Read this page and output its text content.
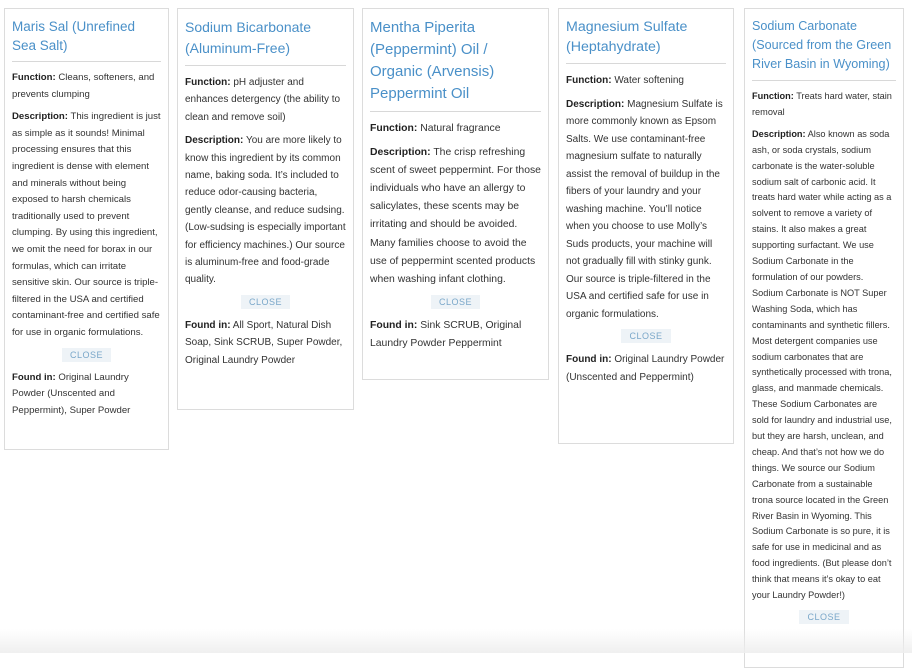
Maris Sal (Unrefined Sea Salt)

Function: Cleans, softeners, and prevents clumping

Description: This ingredient is just as simple as it sounds! Minimal processing ensures that this ingredient is dense with element and minerals without being exposed to harsh chemicals traditionally used to prevent clumping. By using this ingredient, we omit the need for borax in our formulas, which can irritate sensitive skin. Our source is triple-filtered in the USA and certified contaminant-free and certified safe for use in organic formulations.

CLOSE

Found in: Original Laundry Powder (Unscented and Peppermint), Super Powder

Sodium Bicarbonate (Aluminum-Free)

Function: pH adjuster and enhances detergency (the ability to clean and remove soil)

Description: You are more likely to know this ingredient by its common name, baking soda. It’s included to reduce odor-causing bacteria, gently cleanse, and reduce sudsing. (Low-sudsing is especially important for efficiency machines.) Our source is aluminum-free and food-grade quality.

CLOSE

Found in: All Sport, Natural Dish Soap, Sink SCRUB, Super Powder, Original Laundry Powder

Mentha Piperita (Peppermint) Oil / Organic (Arvensis) Peppermint Oil

Function: Natural fragrance

Description: The crisp refreshing scent of sweet peppermint. For those individuals who have an allergy to salicylates, these scents may be irritating and should be avoided. Many families choose to avoid the use of peppermint scented products when washing infant clothing.

CLOSE

Found in: Sink SCRUB, Original Laundry Powder Peppermint

Magnesium Sulfate (Heptahydrate)

Function: Water softening

Description: Magnesium Sulfate is more commonly known as Epsom Salts. We use contaminant-free magnesium sulfate to naturally assist the removal of buildup in the fibers of your laundry and your washing machine. You’ll notice when you choose to use Molly’s Suds products, your machine will not gradually fill with stinky gunk. Our source is triple-filtered in the USA and certified safe for use in organic formulations.

CLOSE

Found in: Original Laundry Powder (Unscented and Peppermint)

Sodium Carbonate (Sourced from the Green River Basin in Wyoming)

Function: Treats hard water, stain removal

Description: Also known as soda ash, or soda crystals, sodium carbonate is the water-soluble sodium salt of carbonic acid. It treats hard water while acting as a solvent to remove a variety of stains. It also makes a great supporting surfactant. We use Sodium Carbonate in the formulation of our powders. Sodium Carbonate is NOT Super Washing Soda, which has contaminants and synthetic fillers. Most detergent companies use sodium carbonates that are synthetically processed with trona, glass, and manmade chemicals. These Sodium Carbonates are sold for laundry and industrial use, but they are harsh, unclean, and cheap. And that’s not how we do things. We source our Sodium Carbonate from a sustainable trona source located in the Green River Basin in Wyoming. This Sodium Carbonate is so pure, it is safe for use in medicinal and as food ingredients. (But please don’t think that means it’s okay to eat your Laundry Powder!)

CLOSE
